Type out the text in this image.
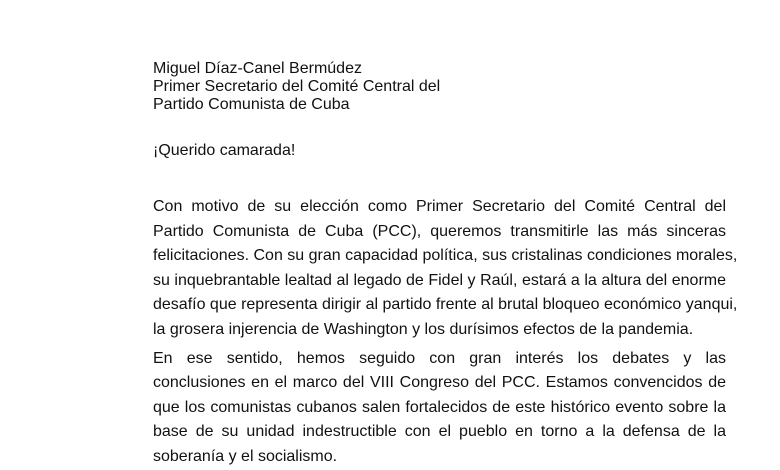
Miguel Díaz-Canel Bermúdez
Primer Secretario del Comité Central del
Partido Comunista de Cuba
¡Querido camarada!

Con motivo de su elección como Primer Secretario del Comité Central del
Partido Comunista de Cuba (PCC), queremos transmitirle las más sinceras
felicitaciones. Con su gran capacidad política, sus cristalinas condiciones morales,
su inquebrantable lealtad al legado de Fidel y Raúl, estará a la altura del enorme
desafío que representa dirigir al partido frente al brutal bloqueo económico yanqui,
la grosera injerencia de Washington y los durísimos efectos de la pandemia.

En ese sentido, hemos seguido con gran interés los debates y las
conclusiones en el marco del VIII Congreso del PCC. Estamos convencidos de
que los comunistas cubanos salen fortalecidos de este histórico evento sobre la
base de su unidad indestructible con el pueblo en torno a la defensa de la
soberanía y el socialismo.
